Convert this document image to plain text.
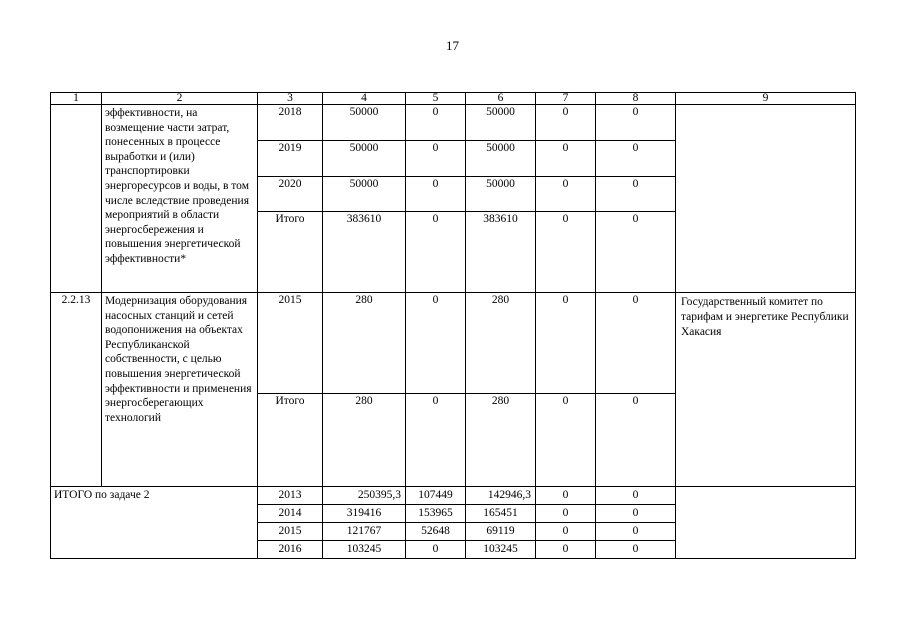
17
1	2	3	4	5	6	7	8	9
	эффективности, на возмещение части затрат, понесенных в процессе выработки и (или) транспортировки энергоресурсов и воды, в том числе вследствие проведения мероприятий в области энергосбережения и повышения энергетической эффективности*	2018	50000	0	50000	0	0	
		2019	50000	0	50000	0	0	
		2020	50000	0	50000	0	0	
		Итого	383610	0	383610	0	0	
2.2.13	Модернизация оборудования насосных станций и сетей водопонижения на объектах Республиканской собственности, с целью повышения энергетической эффективности и применения энергосберегающих технологий	2015	280	0	280	0	0	Государственный комитет по тарифам и энергетике Республики Хакасия
		Итого	280	0	280	0	0	
ИТОГО по задаче 2		2013	250395,3	107449	142946,3	0	0	
		2014	319416	153965	165451	0	0	
		2015	121767	52648	69119	0	0	
		2016	103245	0	103245	0	0	
